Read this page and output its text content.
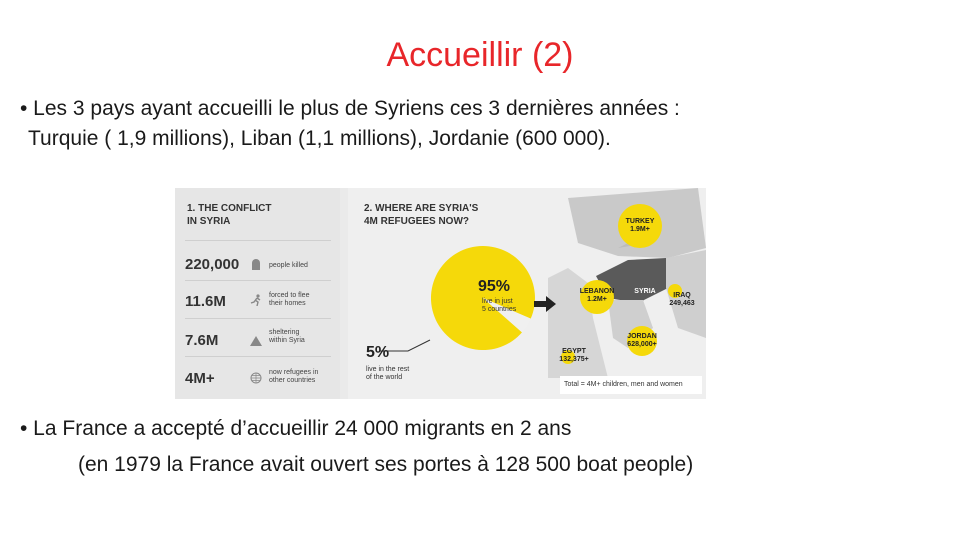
Accueillir (2)
• Les 3 pays ayant accueilli le plus de Syriens ces 3 dernières années :
Turquie ( 1,9 millions), Liban (1,1 millions), Jordanie (600 000).
1. THE CONFLICT
IN SYRIA
220,000	people killed
11.6M	forced to flee
their homes
7.6M	sheltering
within Syria
4M+	now refugees in
other countries
2. WHERE ARE SYRIA'S
4M REFUGEES NOW?	TURKEY
1.9M+
LEBANON
1.2M+
SYRIA
IRAQ
249,463
JORDAN
628,000+
EGYPT
132,375+
95%
live in just
5 countries
5%
live in the rest
of the world
Total = 4M+ children, men and women
• La France a accepté d’accueillir 24 000 migrants en 2 ans
(en 1979 la France avait ouvert ses portes à 128 500 boat people)
